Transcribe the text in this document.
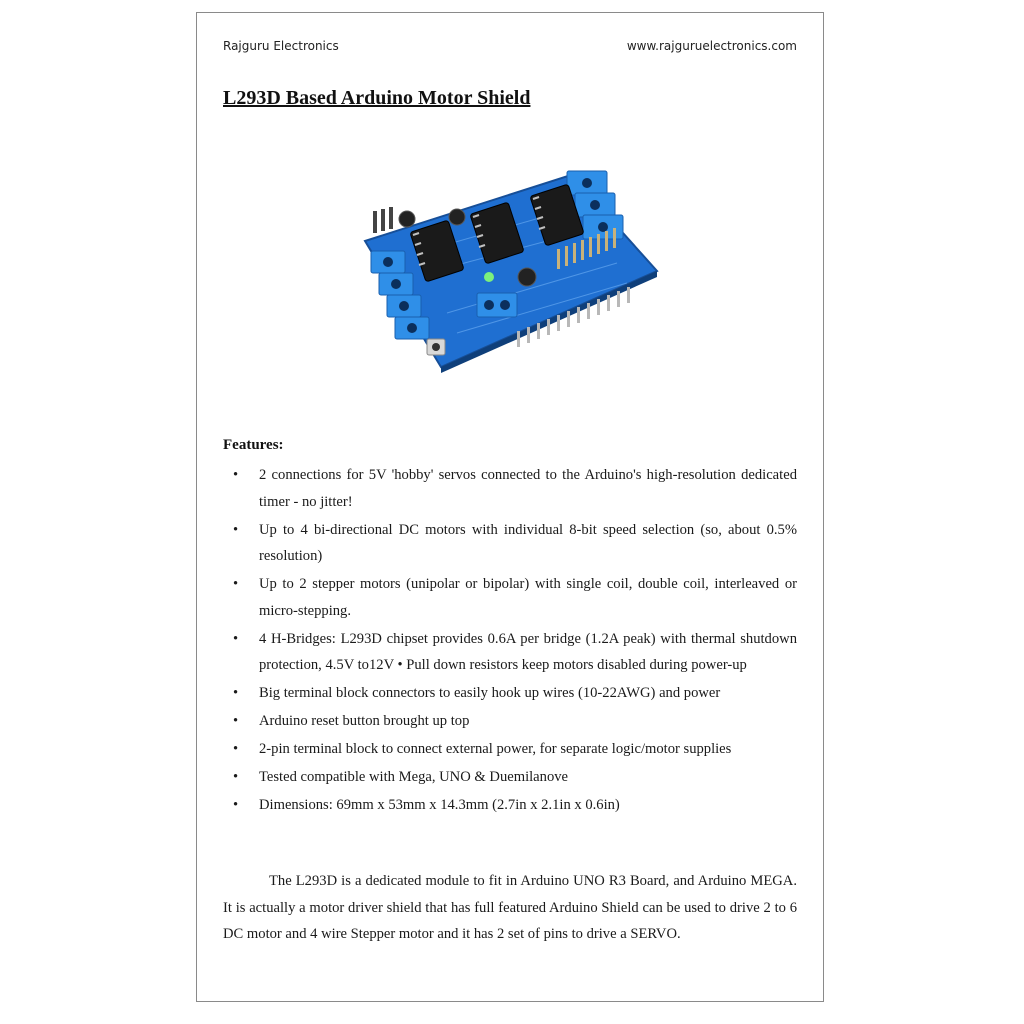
Rajguru Electronics	www.rajguruelectronics.com
L293D Based Arduino Motor Shield
Features:
• 2 connections for 5V 'hobby' servos connected to the Arduino's high-resolution dedicated timer - no jitter!
• Up to 4 bi-directional DC motors with individual 8-bit speed selection (so, about 0.5% resolution)
• Up to 2 stepper motors (unipolar or bipolar) with single coil, double coil, interleaved or micro-stepping.
• 4 H-Bridges: L293D chipset provides 0.6A per bridge (1.2A peak) with thermal shutdown protection, 4.5V to12V • Pull down resistors keep motors disabled during power-up
• Big terminal block connectors to easily hook up wires (10-22AWG) and power
• Arduino reset button brought up top
• 2-pin terminal block to connect external power, for separate logic/motor supplies
• Tested compatible with Mega, UNO & Duemilanove
• Dimensions: 69mm x 53mm x 14.3mm (2.7in x 2.1in x 0.6in)

The L293D is a dedicated module to fit in Arduino UNO R3 Board, and Arduino MEGA. It is actually a motor driver shield that has full featured Arduino Shield can be used to drive 2 to 6 DC motor and 4 wire Stepper motor and it has 2 set of pins to drive a SERVO.
